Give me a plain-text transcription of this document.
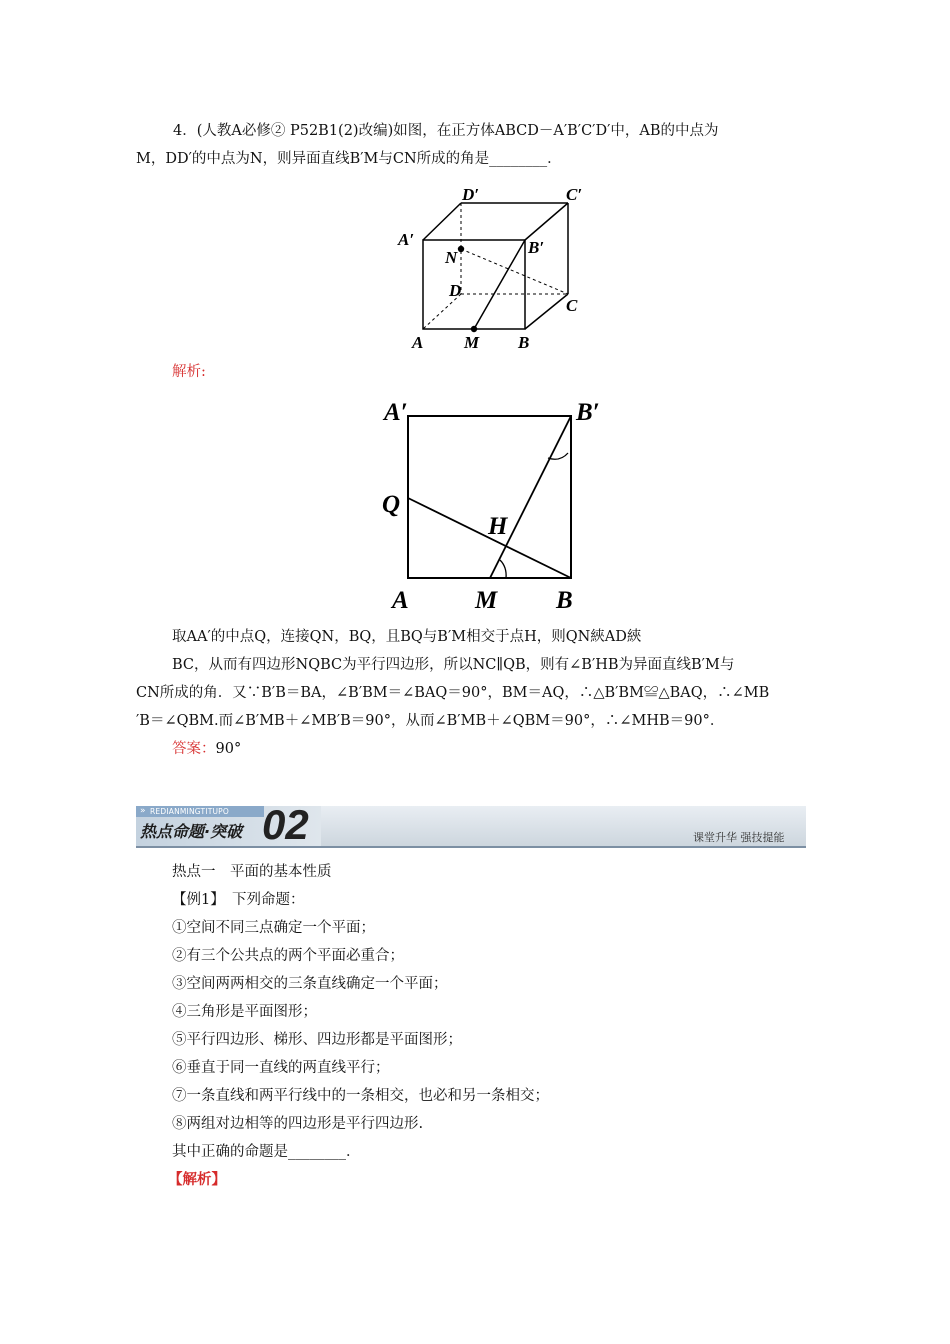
4．(人教A必修② P52B1(2)改编)如图，在正方体ABCD－A′B′C′D′中，AB的中点为
M，DD′的中点为N，则异面直线B′M与CN所成的角是________．
D′	C′
A′	B′
N
D
C
A M B
解析:
A′	B′
Q
H
A	M B
取AA′的中点Q，连接QN，BQ，且BQ与B′M相交于点H，则QN綊AD綊
BC，从而有四边形NQBC为平行四边形，所以NC∥QB，则有∠B′HB为异面直线B′M与
CN所成的角．又∵B′B＝BA，∠B′BM＝∠BAQ＝90°，BM＝AQ，∴△B′BM≌△BAQ，∴∠MB
′B＝∠QBM.而∠B′MB＋∠MB′B＝90°，从而∠B′MB＋∠QBM＝90°，∴∠MHB＝90°．
答案：90°
» REDIANMINGTITUPO
热点命题·突破 02	课堂升华 强技提能
热点一　平面的基本性质
【例1】　下列命题：
①空间不同三点确定一个平面；
②有三个公共点的两个平面必重合；
③空间两两相交的三条直线确定一个平面；
④三角形是平面图形；
⑤平行四边形、梯形、四边形都是平面图形；
⑥垂直于同一直线的两直线平行；
⑦一条直线和两平行线中的一条相交，也必和另一条相交；
⑧两组对边相等的四边形是平行四边形.
其中正确的命题是________．
【解析】
